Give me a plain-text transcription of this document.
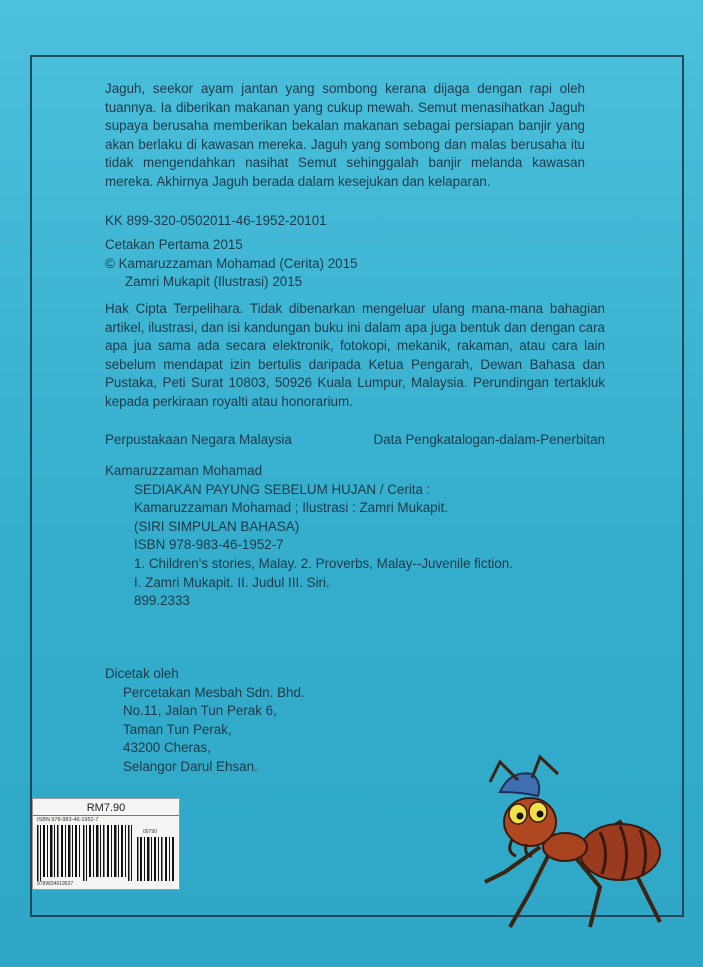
Jaguh, seekor ayam jantan yang sombong kerana dijaga dengan rapi oleh tuannya. Ia diberikan makanan yang cukup mewah. Semut menasihatkan Jaguh supaya berusaha memberikan bekalan makanan sebagai persiapan banjir yang akan berlaku di kawasan mereka. Jaguh yang sombong dan malas berusaha itu tidak mengendahkan nasihat Semut sehinggalah banjir melanda kawasan mereka. Akhirnya Jaguh berada dalam kesejukan dan kelaparan.
KK 899-320-0502011-46-1952-20101
Cetakan Pertama 2015
© Kamaruzzaman Mohamad (Cerita) 2015
Zamri Mukapit (Ilustrasi) 2015
Hak Cipta Terpelihara. Tidak dibenarkan mengeluar ulang mana-mana bahagian artikel, ilustrasi, dan isi kandungan buku ini dalam apa juga bentuk dan dengan cara apa jua sama ada secara elektronik, fotokopi, mekanik, rakaman, atau cara lain sebelum mendapat izin bertulis daripada Ketua Pengarah, Dewan Bahasa dan Pustaka, Peti Surat 10803, 50926 Kuala Lumpur, Malaysia. Perundingan tertakluk kepada perkiraan royalti atau honorarium.
Perpustakaan Negara Malaysia	Data Pengkatalogan-dalam-Penerbitan
Kamaruzzaman Mohamad
SEDIAKAN PAYUNG SEBELUM HUJAN / Cerita :
Kamaruzzaman Mohamad ; Ilustrasi : Zamri Mukapit.
(SIRI SIMPULAN BAHASA)
ISBN 978-983-46-1952-7
1. Children's stories, Malay. 2. Proverbs, Malay--Juvenile fiction.
I. Zamri Mukapit. II. Judul III. Siri.
899.2333
Dicetak oleh
Percetakan Mesbah Sdn. Bhd.
No.11, Jalan Tun Perak 6,
Taman Tun Perak,
43200 Cheras,
Selangor Darul Ehsan.
RM7.90
ISBN 978-983-46-1952-7
00790
9789834619527
